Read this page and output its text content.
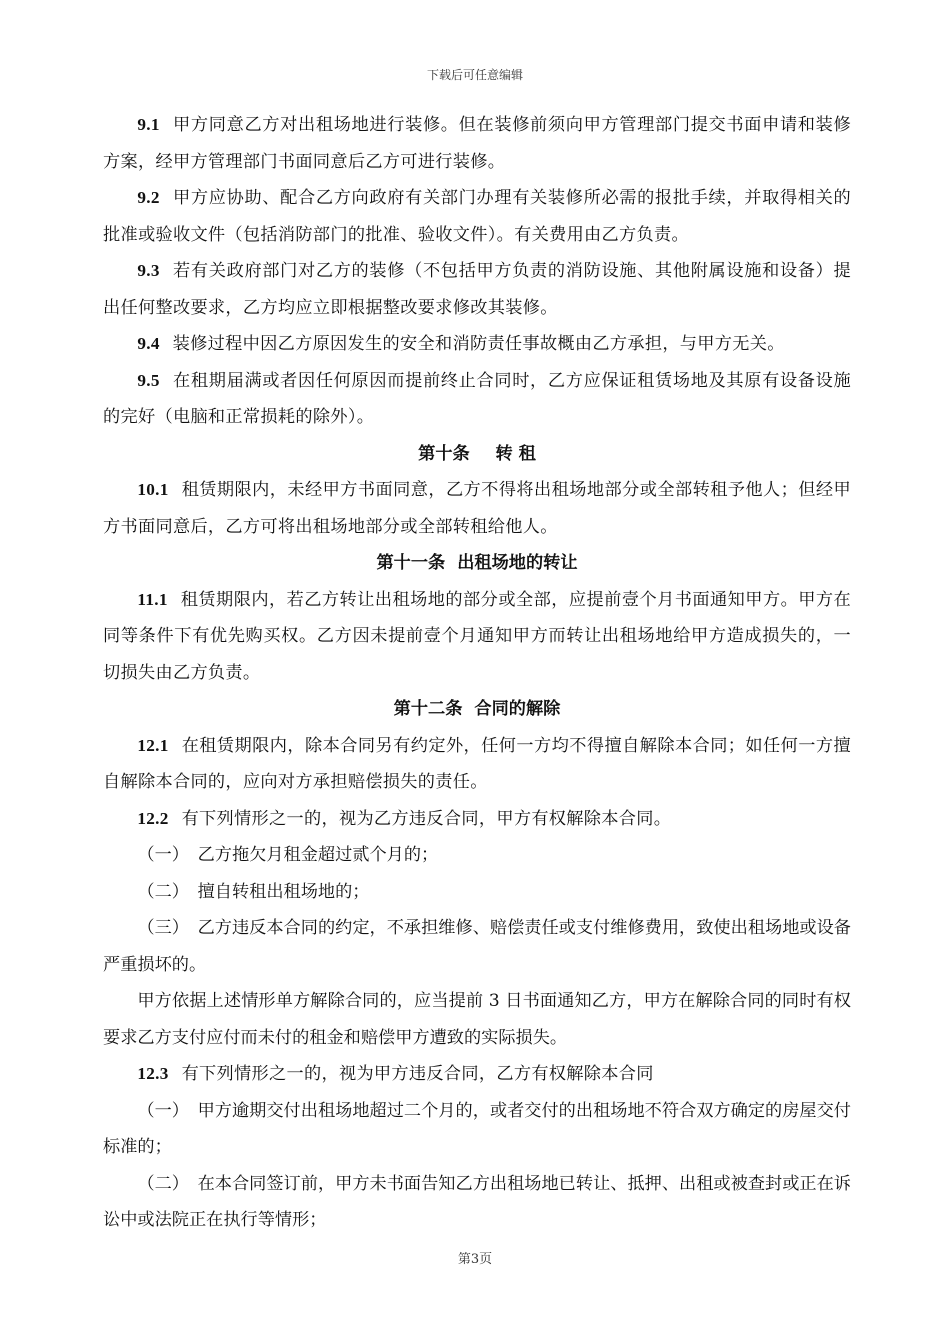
下载后可任意编辑

9.1 甲方同意乙方对出租场地进行装修。但在装修前须向甲方管理部门提交书面申请和装修方案，经甲方管理部门书面同意后乙方可进行装修。

9.2 甲方应协助、配合乙方向政府有关部门办理有关装修所必需的报批手续，并取得相关的批准或验收文件（包括消防部门的批准、验收文件）。有关费用由乙方负责。

9.3 若有关政府部门对乙方的装修（不包括甲方负责的消防设施、其他附属设施和设备）提出任何整改要求，乙方均应立即根据整改要求修改其装修。

9.4 装修过程中因乙方原因发生的安全和消防责任事故概由乙方承担，与甲方无关。

9.5 在租期届满或者因任何原因而提前终止合同时，乙方应保证租赁场地及其原有设备设施的完好（电脑和正常损耗的除外）。

第十条 转 租

10.1 租赁期限内，未经甲方书面同意，乙方不得将出租场地部分或全部转租予他人；但经甲方书面同意后，乙方可将出租场地部分或全部转租给他人。

第十一条  出租场地的转让

11.1 租赁期限内，若乙方转让出租场地的部分或全部，应提前壹个月书面通知甲方。甲方在同等条件下有优先购买权。乙方因未提前壹个月通知甲方而转让出租场地给甲方造成损失的，一切损失由乙方负责。

第十二条  合同的解除

12.1 在租赁期限内，除本合同另有约定外，任何一方均不得擅自解除本合同；如任何一方擅自解除本合同的，应向对方承担赔偿损失的责任。

12.2 有下列情形之一的，视为乙方违反合同，甲方有权解除本合同。

（一） 乙方拖欠月租金超过贰个月的；

（二） 擅自转租出租场地的；

（三） 乙方违反本合同的约定，不承担维修、赔偿责任或支付维修费用，致使出租场地或设备严重损坏的。

甲方依据上述情形单方解除合同的，应当提前 3 日书面通知乙方，甲方在解除合同的同时有权要求乙方支付应付而未付的租金和赔偿甲方遭致的实际损失。

12.3 有下列情形之一的，视为甲方违反合同，乙方有权解除本合同

（一） 甲方逾期交付出租场地超过二个月的，或者交付的出租场地不符合双方确定的房屋交付标准的；

（二） 在本合同签订前，甲方未书面告知乙方出租场地已转让、抵押、出租或被查封或正在诉讼中或法院正在执行等情形；

第3页
